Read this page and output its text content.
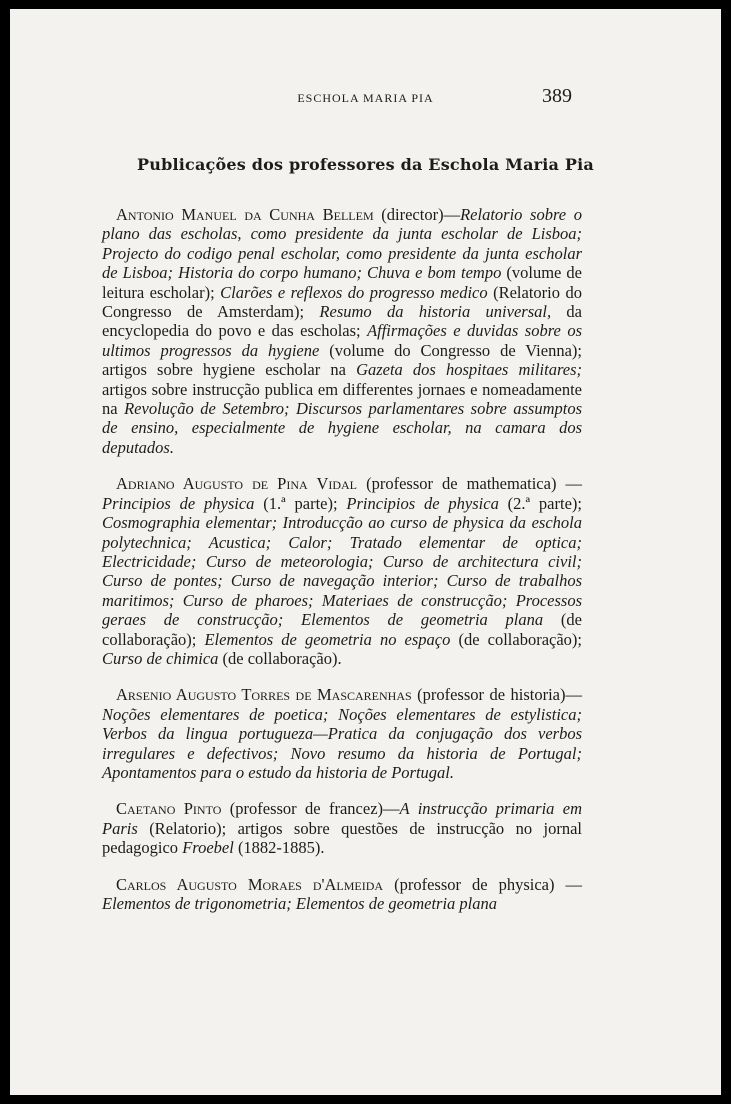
ESCHOLA MARIA PIA	389
Publicações dos professores da Eschola Maria Pia

Antonio Manuel da Cunha Bellem (director)—Relatorio sobre o plano das escholas, como presidente da junta escholar de Lisboa; Projecto do codigo penal escholar, como presidente da junta escholar de Lisboa; Historia do corpo humano; Chuva e bom tempo (volume de leitura escholar); Clarões e reflexos do progresso medico (Relatorio do Congresso de Amsterdam); Resumo da historia universal, da encyclopedia do povo e das escholas; Affirmações e duvidas sobre os ultimos progressos da hygiene (volume do Congresso de Vienna); artigos sobre hygiene escholar na Gazeta dos hospitaes militares; artigos sobre instrucção publica em differentes jornaes e nomeadamente na Revolução de Setembro; Discursos parlamentares sobre assumptos de ensino, especialmente de hygiene escholar, na camara dos deputados.

Adriano Augusto de Pina Vidal (professor de mathematica) —Principios de physica (1.ª parte); Principios de physica (2.ª parte); Cosmographia elementar; Introducção ao curso de physica da eschola polytechnica; Acustica; Calor; Tratado elementar de optica; Electricidade; Curso de meteorologia; Curso de architectura civil; Curso de pontes; Curso de navegação interior; Curso de trabalhos maritimos; Curso de pharoes; Materiaes de construcção; Processos geraes de construcção; Elementos de geometria plana (de collaboração); Elementos de geometria no espaço (de collaboração); Curso de chimica (de collaboração).

Arsenio Augusto Torres de Mascarenhas (professor de historia)—Noções elementares de poetica; Noções elementares de estylistica; Verbos da lingua portugueza—Pratica da conjugação dos verbos irregulares e defectivos; Novo resumo da historia de Portugal; Apontamentos para o estudo da historia de Portugal.

Caetano Pinto (professor de francez)—A instrucção primaria em Paris (Relatorio); artigos sobre questões de instrucção no jornal pedagogico Froebel (1882-1885).

Carlos Augusto Moraes d'Almeida (professor de physica) —Elementos de trigonometria; Elementos de geometria plana
